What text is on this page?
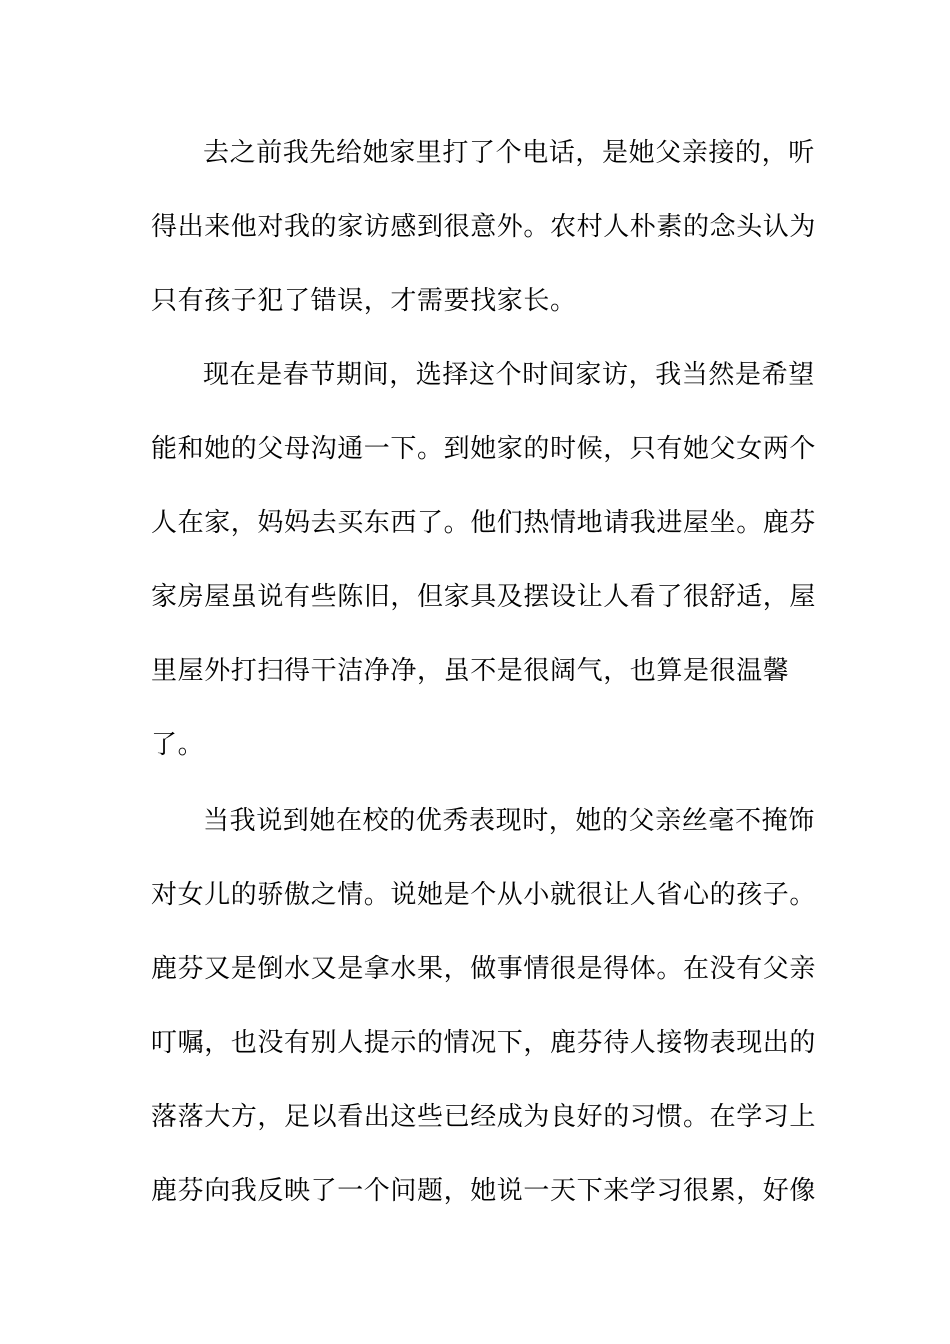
去之前我先给她家里打了个电话，是她父亲接的，听
得出来他对我的家访感到很意外。农村人朴素的念头认为
只有孩子犯了错误，才需要找家长。
现在是春节期间，选择这个时间家访，我当然是希望
能和她的父母沟通一下。到她家的时候，只有她父女两个
人在家，妈妈去买东西了。他们热情地请我进屋坐。鹿芬
家房屋虽说有些陈旧，但家具及摆设让人看了很舒适，屋
里屋外打扫得干洁净净，虽不是很阔气，也算是很温馨
了。
当我说到她在校的优秀表现时，她的父亲丝毫不掩饰
对女儿的骄傲之情。说她是个从小就很让人省心的孩子。
鹿芬又是倒水又是拿水果，做事情很是得体。在没有父亲
叮嘱，也没有别人提示的情况下，鹿芬待人接物表现出的
落落大方，足以看出这些已经成为良好的习惯。在学习上
鹿芬向我反映了一个问题，她说一天下来学习很累，好像
